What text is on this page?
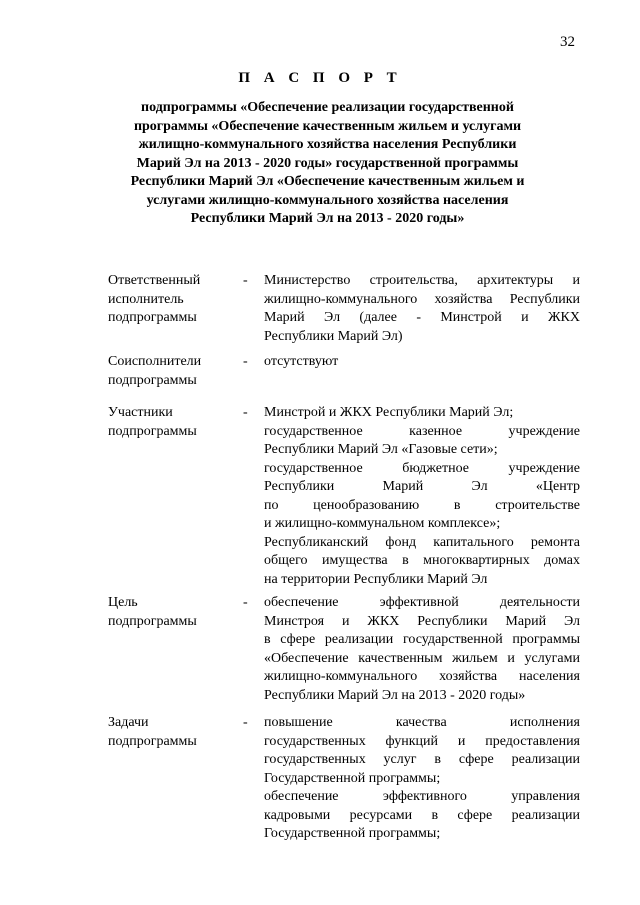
32
П А С П О Р Т
подпрограммы «Обеспечение реализации государственной
программы «Обеспечение качественным жильем и услугами
жилищно-коммунального хозяйства населения Республики
Марий Эл на 2013 - 2020 годы» государственной программы
Республики Марий Эл «Обеспечение качественным жильем и
услугами жилищно-коммунального хозяйства населения
Республики Марий Эл на 2013 - 2020 годы»
Ответственный
исполнитель
подпрограммы
- Министерство строительства, архитектуры и
жилищно-коммунального хозяйства Республики
Марий Эл (далее - Минстрой и ЖКХ
Республики Марий Эл)
Соисполнители
подпрограммы
- отсутствуют
Участники
подпрограммы
- Минстрой и ЖКХ Республики Марий Эл;
государственное казенное учреждение
Республики Марий Эл «Газовые сети»;
государственное бюджетное учреждение
Республики Марий Эл «Центр
по ценообразованию в строительстве
и жилищно-коммунальном комплексе»;
Республиканский фонд капитального ремонта
общего имущества в многоквартирных домах
на территории Республики Марий Эл
Цель
подпрограммы
- обеспечение эффективной деятельности
Минстроя и ЖКХ Республики Марий Эл
в сфере реализации государственной программы
«Обеспечение качественным жильем и услугами
жилищно-коммунального хозяйства населения
Республики Марий Эл на 2013 - 2020 годы»
Задачи
подпрограммы
- повышение качества исполнения
государственных функций и предоставления
государственных услуг в сфере реализации
Государственной программы;
обеспечение эффективного управления
кадровыми ресурсами в сфере реализации
Государственной программы;
